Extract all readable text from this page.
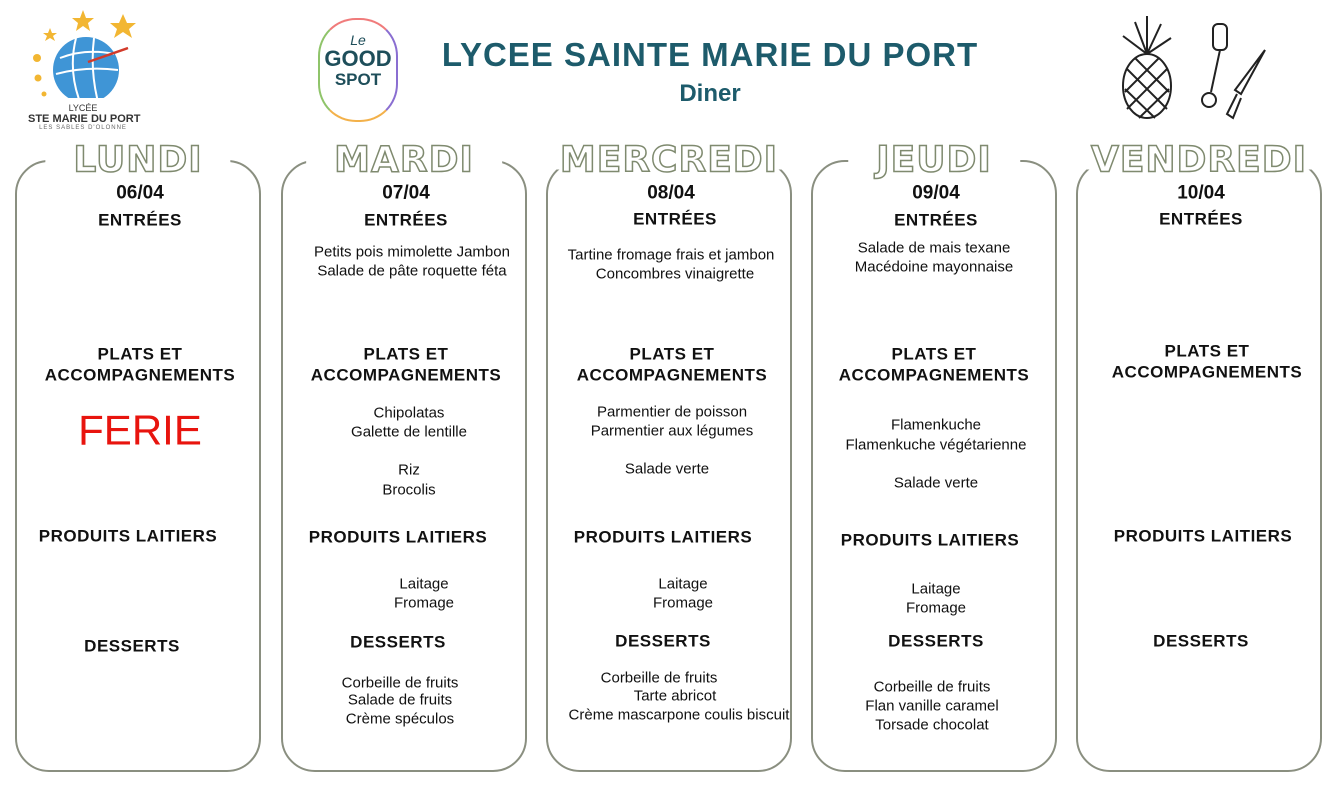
LYCÉE
STE MARIE DU PORT
LES SABLES D'OLONNE
Le
GOOD
SPOT
LYCEE SAINTE MARIE DU PORT
Diner
LUNDI
06/04
ENTRÉES
PLATS ET
ACCOMPAGNEMENTS
FERIE
PRODUITS LAITIERS
DESSERTS
MARDI
07/04
ENTRÉES
Petits pois mimolette Jambon
Salade de pâte roquette féta
PLATS ET
ACCOMPAGNEMENTS
Chipolatas
Galette de lentille
Riz
Brocolis
PRODUITS LAITIERS
Laitage
Fromage
DESSERTS
Corbeille de fruits
Salade de fruits
Crème spéculos
MERCREDI
08/04
ENTRÉES
Tartine fromage frais et jambon
Concombres vinaigrette
PLATS ET
ACCOMPAGNEMENTS
Parmentier de poisson
Parmentier aux légumes
Salade verte
PRODUITS LAITIERS
Laitage
Fromage
DESSERTS
Corbeille de fruits
Tarte abricot
Crème mascarpone coulis biscuit
JEUDI
09/04
ENTRÉES
Salade de mais texane
Macédoine mayonnaise
PLATS ET
ACCOMPAGNEMENTS
Flamenkuche
Flamenkuche végétarienne
Salade verte
PRODUITS LAITIERS
Laitage
Fromage
DESSERTS
Corbeille de fruits
Flan vanille caramel
Torsade chocolat
VENDREDI
10/04
ENTRÉES
PLATS ET
ACCOMPAGNEMENTS
PRODUITS LAITIERS
DESSERTS
